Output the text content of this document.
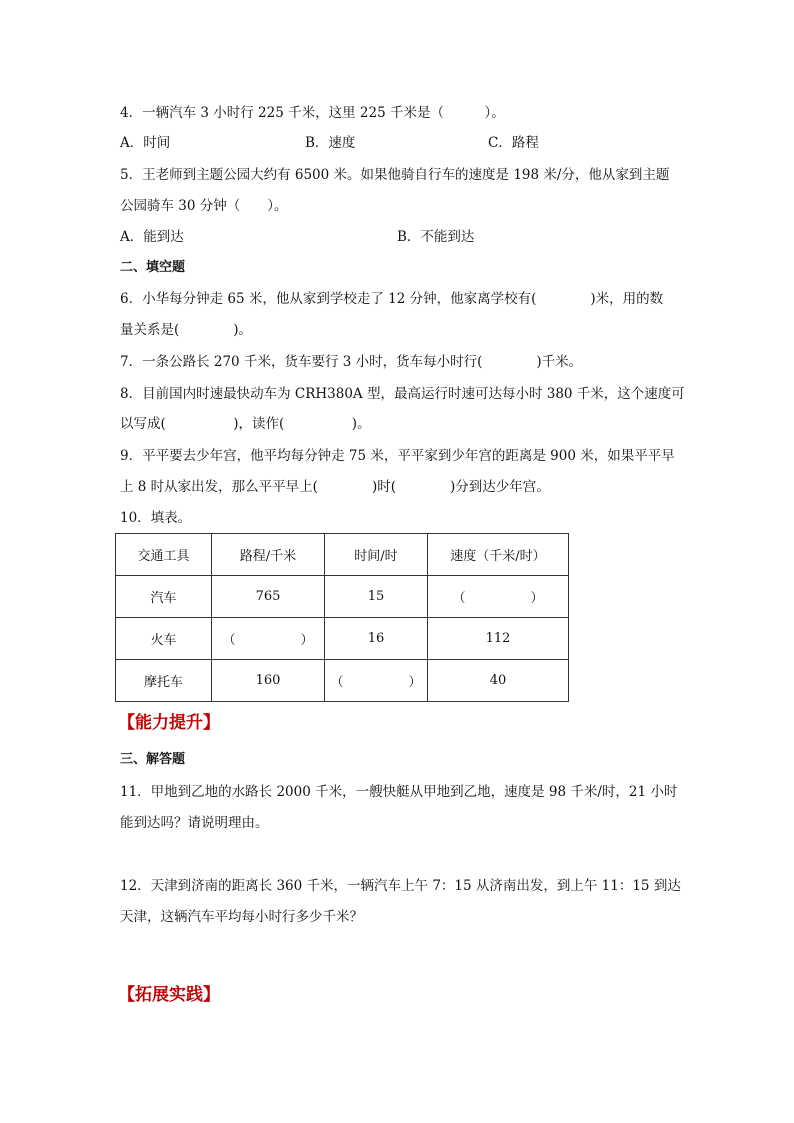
4．一辆汽车 3 小时行 225 千米，这里 225 千米是（　　　）。
A．时间	B．速度	C．路程
5．王老师到主题公园大约有 6500 米。如果他骑自行车的速度是 198 米/分，他从家到主题
公园骑车 30 分钟（　　）。
A．能到达	B．不能到达
二、填空题
6．小华每分钟走 65 米，他从家到学校走了 12 分钟，他家离学校有(　　　　)米，用的数
量关系是(　　　　)。
7．一条公路长 270 千米，货车要行 3 小时，货车每小时行(　　　　)千米。
8．目前国内时速最快动车为 CRH380A 型，最高运行时速可达每小时 380 千米，这个速度可
以写成(　　　　　)，读作(　　　　　)。
9．平平要去少年宫，他平均每分钟走 75 米，平平家到少年宫的距离是 900 米，如果平平早
上 8 时从家出发，那么平平早上(　　　　)时(　　　　)分到达少年宫。
10．填表。
交通工具	路程/千米	时间/时	速度（千米/时）
汽车	765	15	（　　　　　）
火车	（　　　　　）	16	112
摩托车	160	（　　　　　）	40
【能力提升】
三、解答题
11．甲地到乙地的水路长 2000 千米，一艘快艇从甲地到乙地，速度是 98 千米/时，21 小时
能到达吗？请说明理由。
12．天津到济南的距离长 360 千米，一辆汽车上午 7：15 从济南出发，到上午 11：15 到达
天津，这辆汽车平均每小时行多少千米？
【拓展实践】
